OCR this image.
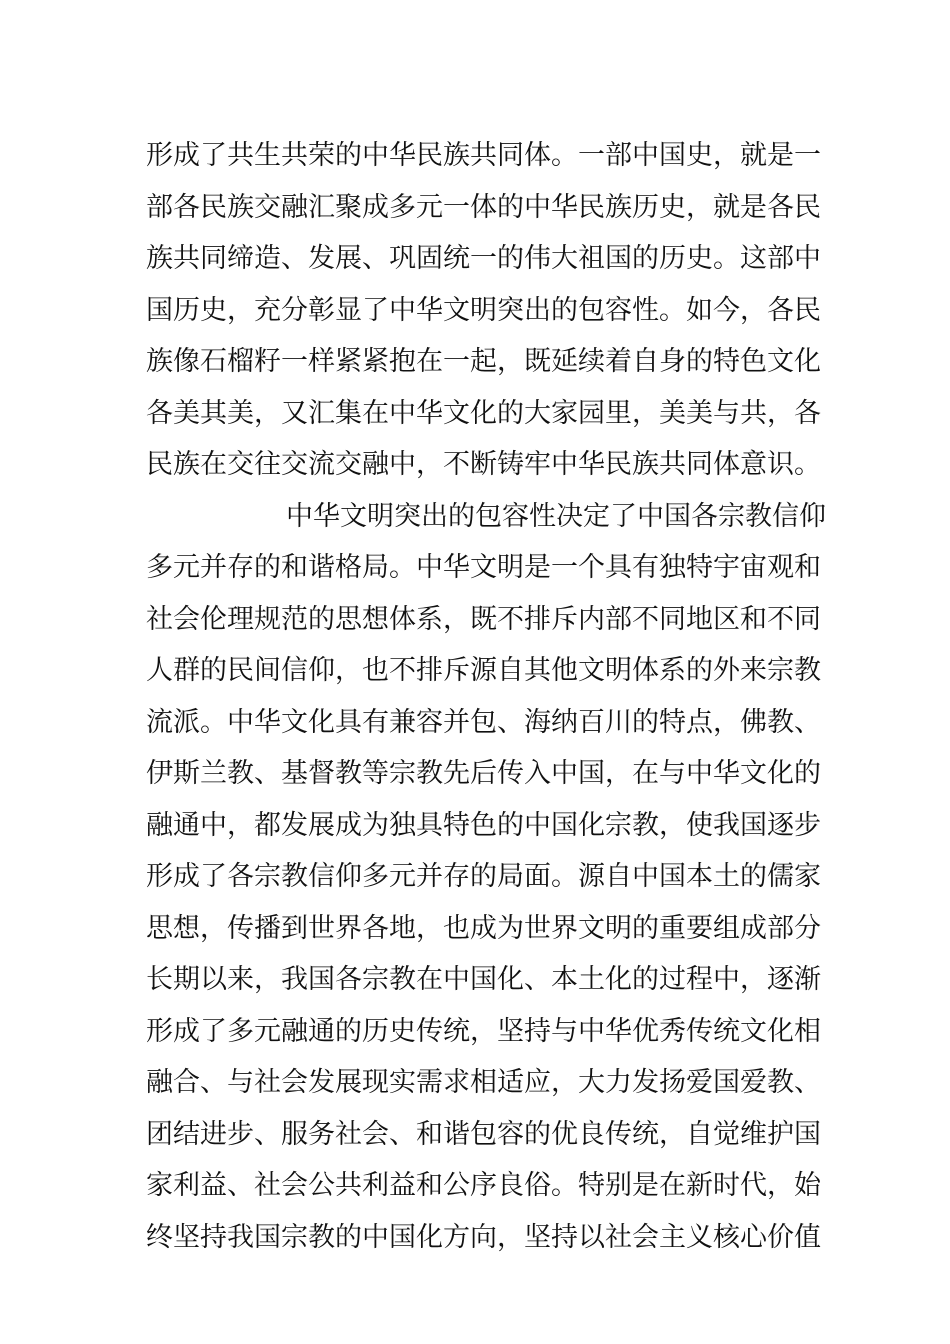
形成了共生共荣的中华民族共同体。一部中国史，就是一
部各民族交融汇聚成多元一体的中华民族历史，就是各民
族共同缔造、发展、巩固统一的伟大祖国的历史。这部中
国历史，充分彰显了中华文明突出的包容性。如今，各民
族像石榴籽一样紧紧抱在一起，既延续着自身的特色文化
各美其美，又汇集在中华文化的大家园里，美美与共，各
民族在交往交流交融中，不断铸牢中华民族共同体意识。
中华文明突出的包容性决定了中国各宗教信仰
多元并存的和谐格局。中华文明是一个具有独特宇宙观和
社会伦理规范的思想体系，既不排斥内部不同地区和不同
人群的民间信仰，也不排斥源自其他文明体系的外来宗教
流派。中华文化具有兼容并包、海纳百川的特点，佛教、
伊斯兰教、基督教等宗教先后传入中国，在与中华文化的
融通中，都发展成为独具特色的中国化宗教，使我国逐步
形成了各宗教信仰多元并存的局面。源自中国本土的儒家
思想，传播到世界各地，也成为世界文明的重要组成部分
长期以来，我国各宗教在中国化、本土化的过程中，逐渐
形成了多元融通的历史传统，坚持与中华优秀传统文化相
融合、与社会发展现实需求相适应，大力发扬爱国爱教、
团结进步、服务社会、和谐包容的优良传统，自觉维护国
家利益、社会公共利益和公序良俗。特别是在新时代，始
终坚持我国宗教的中国化方向，坚持以社会主义核心价值
